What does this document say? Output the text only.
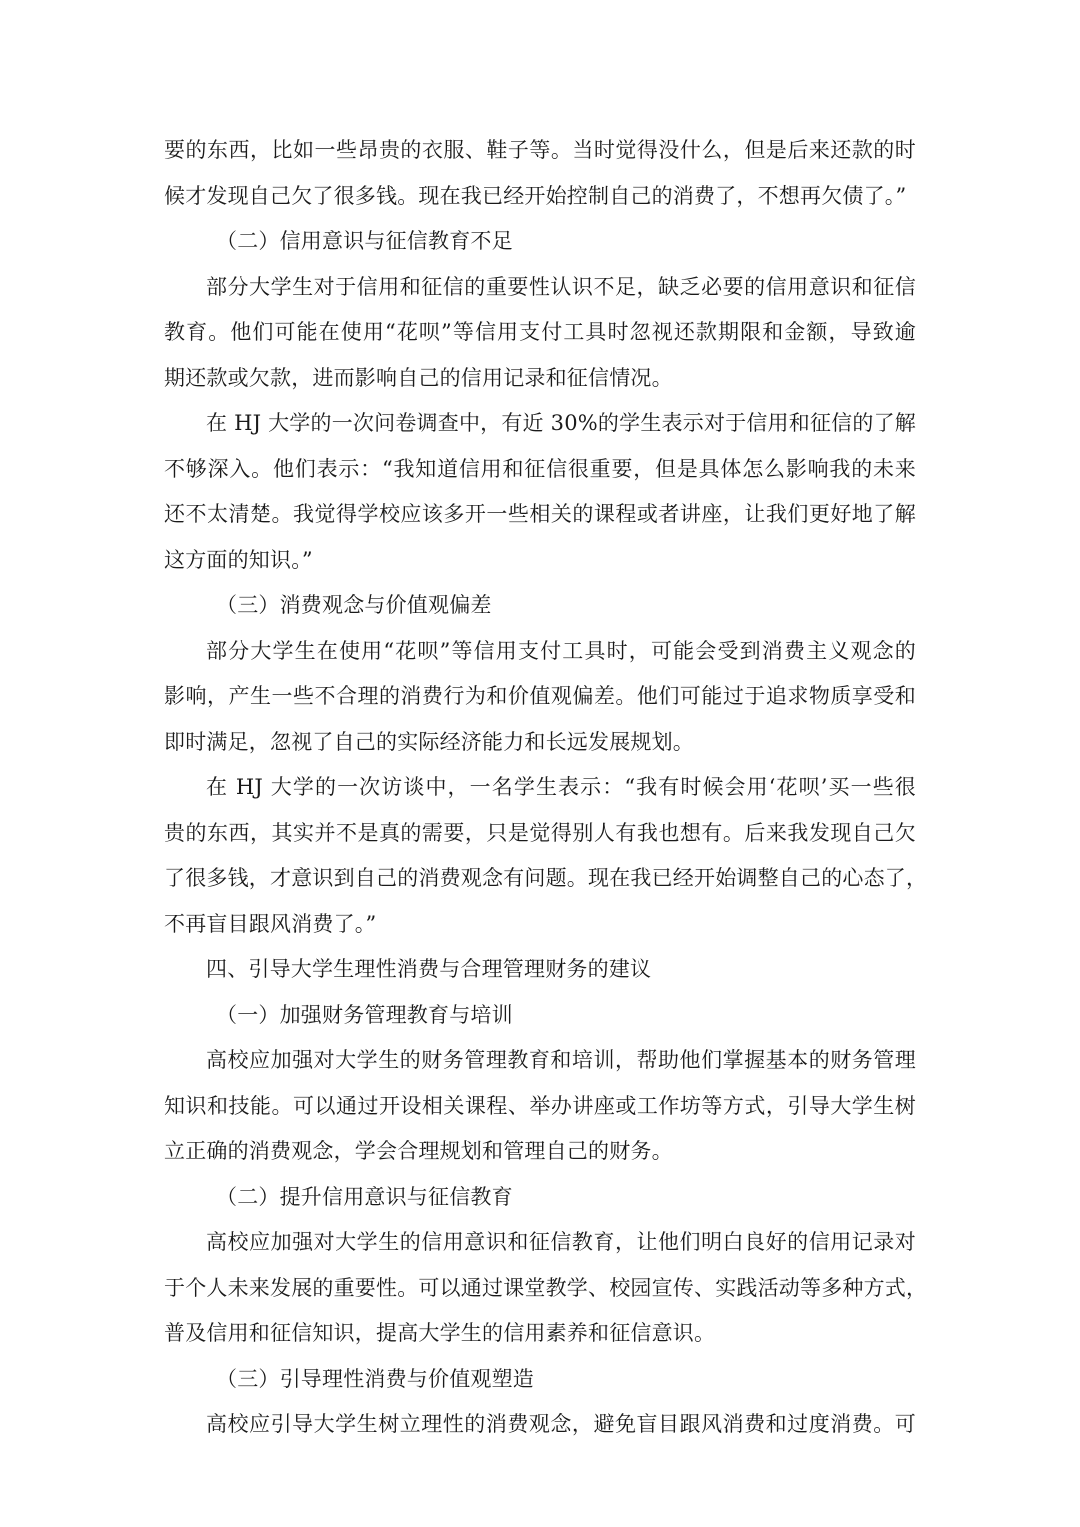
要的东西，比如一些昂贵的衣服、鞋子等。当时觉得没什么，但是后来还款的时
候才发现自己欠了很多钱。现在我已经开始控制自己的消费了，不想再欠债了。”
（二）信用意识与征信教育不足
部分大学生对于信用和征信的重要性认识不足，缺乏必要的信用意识和征信
教育。他们可能在使用“花呗”等信用支付工具时忽视还款期限和金额，导致逾
期还款或欠款，进而影响自己的信用记录和征信情况。
在 HJ 大学的一次问卷调查中，有近 30%的学生表示对于信用和征信的了解
不够深入。他们表示：“我知道信用和征信很重要，但是具体怎么影响我的未来
还不太清楚。我觉得学校应该多开一些相关的课程或者讲座，让我们更好地了解
这方面的知识。”
（三）消费观念与价值观偏差
部分大学生在使用“花呗”等信用支付工具时，可能会受到消费主义观念的
影响，产生一些不合理的消费行为和价值观偏差。他们可能过于追求物质享受和
即时满足，忽视了自己的实际经济能力和长远发展规划。
在 HJ 大学的一次访谈中，一名学生表示：“我有时候会用‘花呗’买一些很
贵的东西，其实并不是真的需要，只是觉得别人有我也想有。后来我发现自己欠
了很多钱，才意识到自己的消费观念有问题。现在我已经开始调整自己的心态了，
不再盲目跟风消费了。”
四、引导大学生理性消费与合理管理财务的建议
（一）加强财务管理教育与培训
高校应加强对大学生的财务管理教育和培训，帮助他们掌握基本的财务管理
知识和技能。可以通过开设相关课程、举办讲座或工作坊等方式，引导大学生树
立正确的消费观念，学会合理规划和管理自己的财务。
（二）提升信用意识与征信教育
高校应加强对大学生的信用意识和征信教育，让他们明白良好的信用记录对
于个人未来发展的重要性。可以通过课堂教学、校园宣传、实践活动等多种方式，
普及信用和征信知识，提高大学生的信用素养和征信意识。
（三）引导理性消费与价值观塑造
高校应引导大学生树立理性的消费观念，避免盲目跟风消费和过度消费。可
